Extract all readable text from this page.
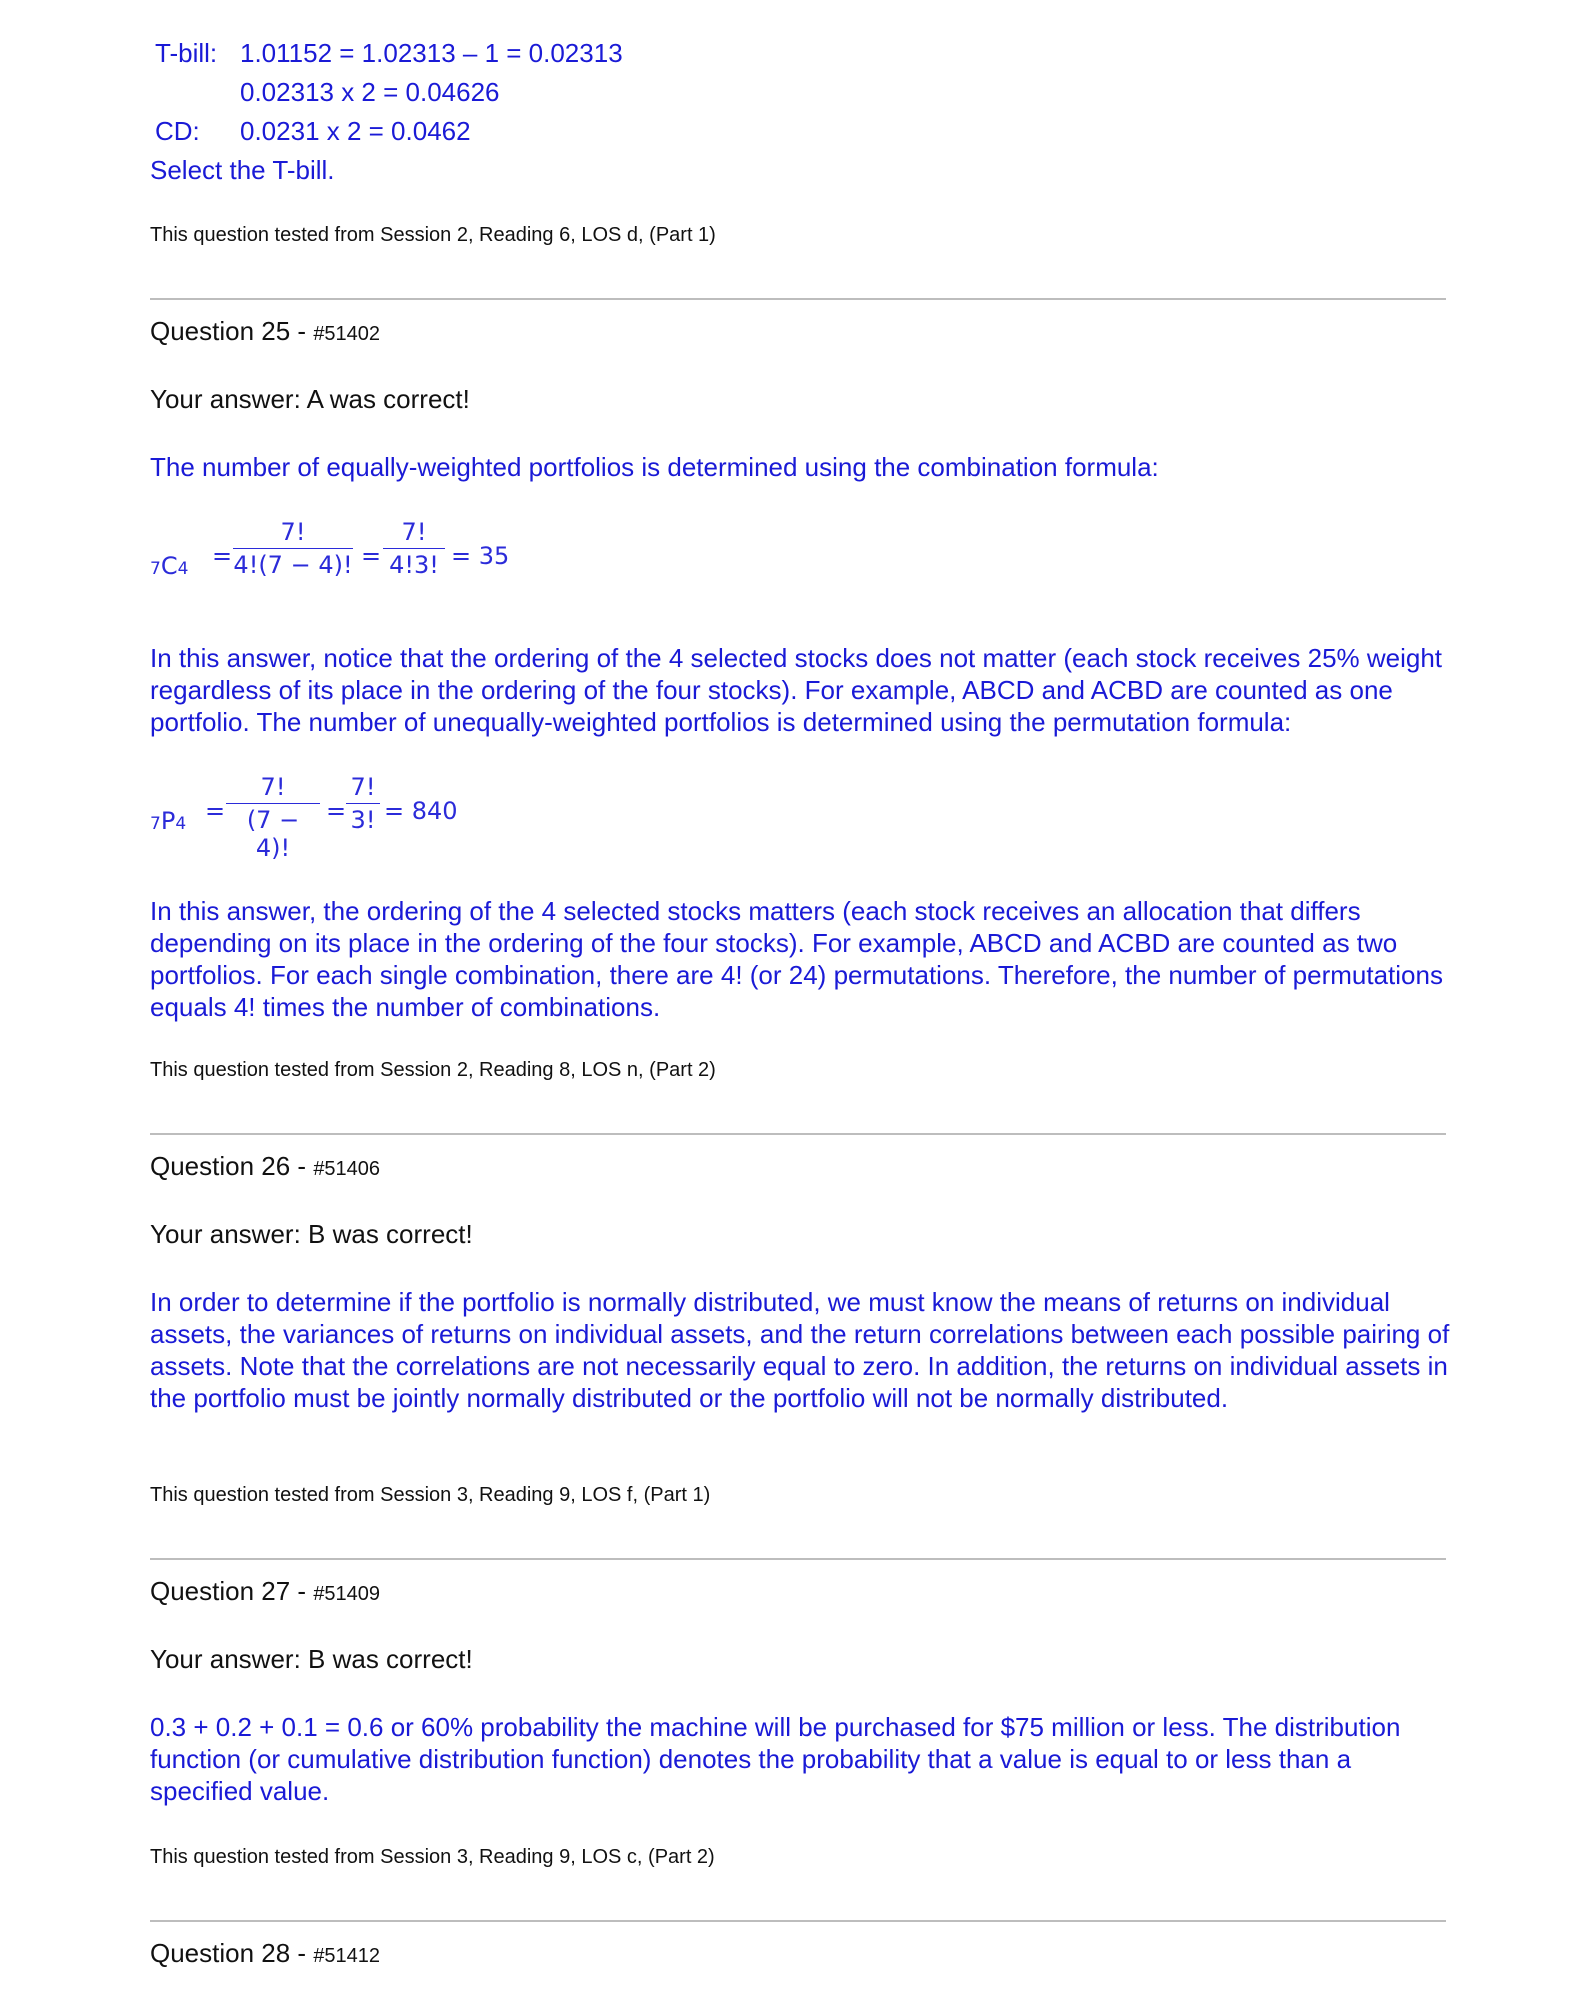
T-bill: 1.01152 = 1.02313 – 1 = 0.02313
0.02313 x 2 = 0.04626
CD: 0.0231 x 2 = 0.0462
Select the T-bill.
This question tested from Session 2, Reading 6, LOS d, (Part 1)
Question 25 - #51402
Your answer: A was correct!
The number of equally-weighted portfolios is determined using the combination formula:
7C4 =
7!
4!(7 − 4)! =
7!
4!3! = 35
In this answer, notice that the ordering of the 4 selected stocks does not matter (each stock receives 25% weight regardless of its place in the ordering of the four stocks). For example, ABCD and ACBD are counted as one portfolio. The number of unequally-weighted portfolios is determined using the permutation formula:
7P4 =
7!
(7 − 4)!
=
7!
3! = 840
In this answer, the ordering of the 4 selected stocks matters (each stock receives an allocation that differs depending on its place in the ordering of the four stocks). For example, ABCD and ACBD are counted as two portfolios. For each single combination, there are 4! (or 24) permutations. Therefore, the number of permutations equals 4! times the number of combinations.
This question tested from Session 2, Reading 8, LOS n, (Part 2)
Question 26 - #51406
Your answer: B was correct!
In order to determine if the portfolio is normally distributed, we must know the means of returns on individual assets, the variances of returns on individual assets, and the return correlations between each possible pairing of assets. Note that the correlations are not necessarily equal to zero. In addition, the returns on individual assets in the portfolio must be jointly normally distributed or the portfolio will not be normally distributed.
This question tested from Session 3, Reading 9, LOS f, (Part 1)
Question 27 - #51409
Your answer: B was correct!
0.3 + 0.2 + 0.1 = 0.6 or 60% probability the machine will be purchased for $75 million or less. The distribution function (or cumulative distribution function) denotes the probability that a value is equal to or less than a specified value.
This question tested from Session 3, Reading 9, LOS c, (Part 2)
Question 28 - #51412
